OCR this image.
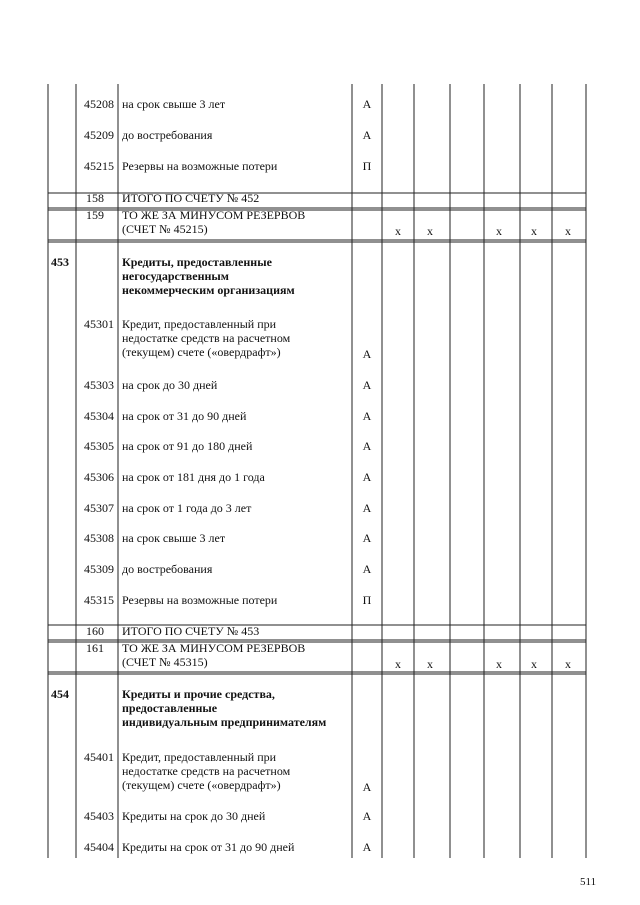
45208 на срок свыше 3 лет	А
45209 до востребования	А
45215 Резервы на возможные потери	П
158 ИТОГО ПО СЧЕТУ № 452
159 ТО ЖЕ ЗА МИНУСОМ РЕЗЕРВОВ
(СЧЕТ № 45215)	х х	х х х
453	Кредиты, предоставленные
негосударственным
некоммерческим организациям
45301 Кредит, предоставленный при
недостатке средств на расчетном
(текущем) счете («овердрафт»)	А
45303 на срок до 30 дней	А
45304 на срок от 31 до 90 дней	А
45305 на срок от 91 до 180 дней	А
45306 на срок от 181 дня до 1 года	А
45307 на срок от 1 года до 3 лет	А
45308 на срок свыше 3 лет	А
45309 до востребования	А
45315 Резервы на возможные потери	П
160 ИТОГО ПО СЧЕТУ № 453
161 ТО ЖЕ ЗА МИНУСОМ РЕЗЕРВОВ
(СЧЕТ № 45315)	х х	х х х
454	Кредиты и прочие средства,
предоставленные
индивидуальным предпринимателям
45401 Кредит, предоставленный при
недостатке средств на расчетном
(текущем) счете («овердрафт»)	А
45403 Кредиты на срок до 30 дней	А
45404 Кредиты на срок от 31 до 90 дней	А
511
